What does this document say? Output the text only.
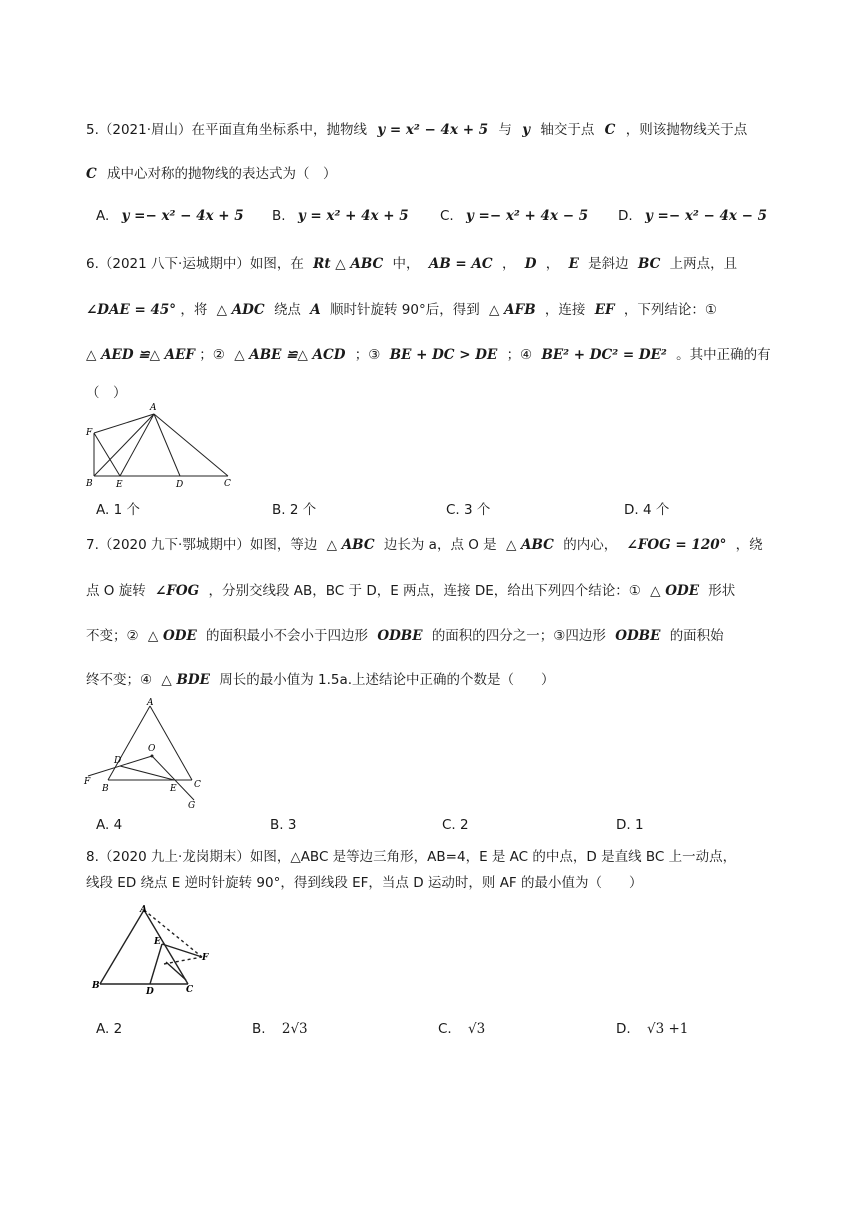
5.（2021·眉山）在平面直角坐标系中，抛物线 y = x² − 4x + 5 与 y 轴交于点 C ，则该抛物线关于点
C 成中心对称的抛物线的表达式为（　）
A. y =− x² − 4x + 5 B. y = x² + 4x + 5 C. y =− x² + 4x − 5 D. y =− x² − 4x − 5
6.（2021 八下·运城期中）如图，在 Rt △ ABC 中， AB = AC ， D ， E 是斜边 BC 上两点，且
∠DAE = 45° ，将 △ ADC 绕点 A 顺时针旋转 90°后，得到 △ AFB ，连接 EF ，下列结论：①
△ AED ≌△ AEF ；② △ ABE ≌△ ACD ；③ BE + DC > DE ；④ BE² + DC² = DE² 。其中正确的有
（　）
A
F
B	E	D	C
A. 1 个	B. 2 个	C. 3 个	D. 4 个
7.（2020 九下·鄂城期中）如图，等边 △ ABC 边长为 a，点 O 是 △ ABC 的内心， ∠FOG = 120° ，绕
点 O 旋转 ∠FOG ，分别交线段 AB，BC 于 D，E 两点，连接 DE，给出下列四个结论：① △ ODE 形状
不变；② △ ODE 的面积最小不会小于四边形 ODBE 的面积的四分之一；③四边形 ODBE 的面积始
终不变；④ △ BDE 周长的最小值为 1.5a.上述结论中正确的个数是（　　）
A
O
D
F
B	E C
G
A. 4	B. 3	C. 2	D. 1
8.（2020 九上·龙岗期末）如图，△ABC 是等边三角形，AB=4，E 是 AC 的中点，D 是直线 BC 上一动点，
线段 ED 绕点 E 逆时针旋转 90°，得到线段 EF，当点 D 运动时，则 AF 的最小值为（　　）
A
E
F
B
D	C
A. 2	B. 2√3	C. √3	D. √3 +1
